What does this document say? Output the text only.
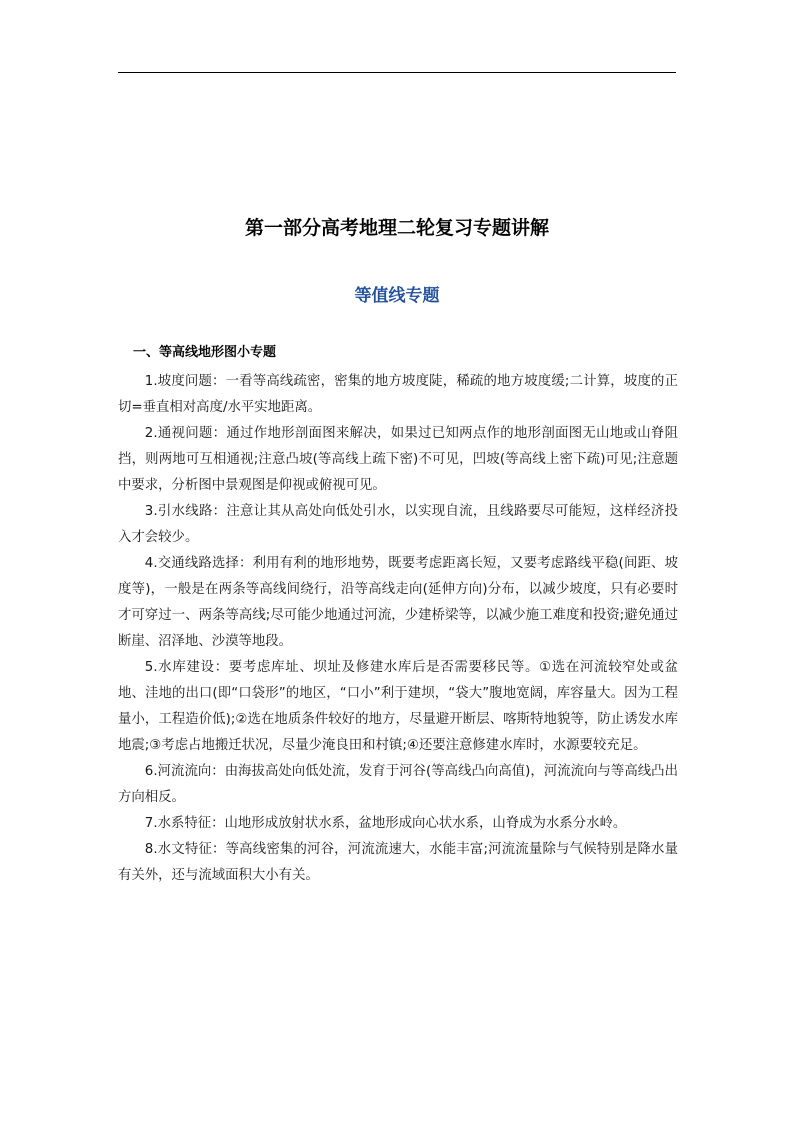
第一部分高考地理二轮复习专题讲解
等值线专题
一、等高线地形图小专题

1.坡度问题：一看等高线疏密，密集的地方坡度陡，稀疏的地方坡度缓;二计算，坡度的正切=垂直相对高度/水平实地距离。

2.通视问题：通过作地形剖面图来解决，如果过已知两点作的地形剖面图无山地或山脊阻挡，则两地可互相通视;注意凸坡(等高线上疏下密)不可见，凹坡(等高线上密下疏)可见;注意题中要求，分析图中景观图是仰视或俯视可见。

3.引水线路：注意让其从高处向低处引水，以实现自流，且线路要尽可能短，这样经济投入才会较少。

4.交通线路选择：利用有利的地形地势，既要考虑距离长短，又要考虑路线平稳(间距、坡度等)，一般是在两条等高线间绕行，沿等高线走向(延伸方向)分布，以减少坡度，只有必要时才可穿过一、两条等高线;尽可能少地通过河流，少建桥梁等，以减少施工难度和投资;避免通过断崖、沼泽地、沙漠等地段。

5.水库建设：要考虑库址、坝址及修建水库后是否需要移民等。①选在河流较窄处或盆地、洼地的出口(即“口袋形”的地区，“口小”利于建坝，“袋大”腹地宽阔，库容量大。因为工程量小，工程造价低);②选在地质条件较好的地方，尽量避开断层、喀斯特地貌等，防止诱发水库地震;③考虑占地搬迁状况，尽量少淹良田和村镇;④还要注意修建水库时，水源要较充足。

6.河流流向：由海拔高处向低处流，发育于河谷(等高线凸向高值)，河流流向与等高线凸出方向相反。

7.水系特征：山地形成放射状水系，盆地形成向心状水系，山脊成为水系分水岭。

8.水文特征：等高线密集的河谷，河流流速大，水能丰富;河流流量除与气候特别是降水量有关外，还与流域面积大小有关。
